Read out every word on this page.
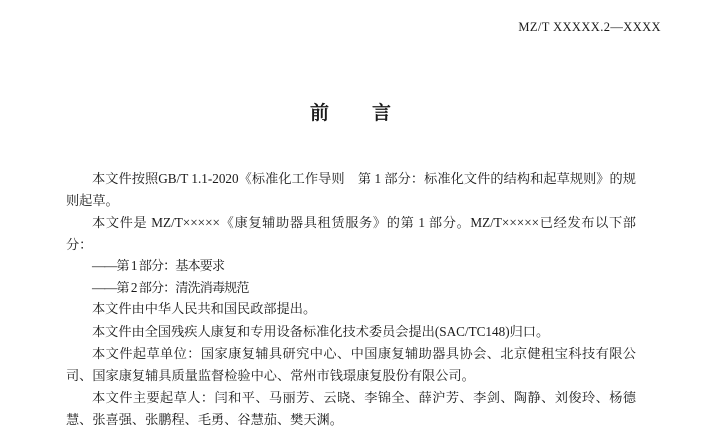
MZ/T XXXXX.2—XXXX
前　言

本文件按照GB/T 1.1-2020《标准化工作导则　第 1 部分：标准化文件的结构和起草规则》的规则起草。

本文件是 MZ/T×××××《康复辅助器具租赁服务》的第 1 部分。MZ/T×××××已经发布以下部分：

——第 1 部分：基本要求

——第 2 部分：清洗消毒规范

本文件由中华人民共和国民政部提出。

本文件由全国残疾人康复和专用设备标准化技术委员会提出(SAC/TC148)归口。

本文件起草单位：国家康复辅具研究中心、中国康复辅助器具协会、北京健租宝科技有限公司、国家康复辅具质量监督检验中心、常州市钱璟康复股份有限公司。

本文件主要起草人：闫和平、马丽芳、云晓、李锦全、薛沪芳、李剑、陶静、刘俊玲、杨德慧、张喜强、张鹏程、毛勇、谷慧茄、樊天渊。
